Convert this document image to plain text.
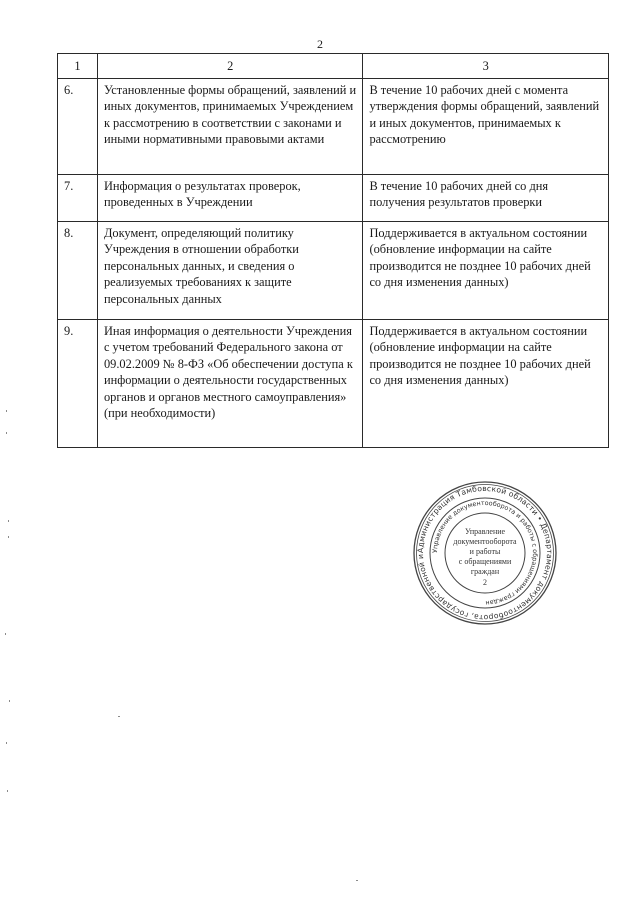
2
1	2	3
6.	Установленные формы обращений, заявлений и иных документов, принимаемых Учреждением к рассмотрению в соответствии с законами и иными нормативными правовыми актами	В течение 10 рабочих дней с момента утверждения формы обращений, заявлений и иных документов, принимаемых к рассмотрению
7.	Информация о результатах проверок, проведенных в Учреждении	В течение 10 рабочих дней со дня получения результатов проверки
8.	Документ, определяющий политику Учреждения в отношении обработки персональных данных, и сведения о реализуемых требованиях к защите персональных данных	Поддерживается в актуальном состоянии (обновление информации на сайте производится не позднее 10 рабочих дней со дня изменения данных)
9.	Иная информация о деятельности Учреждения с учетом требований Федерального закона от 09.02.2009 № 8-ФЗ «Об обеспечении доступа к информации о деятельности государственных органов и органов местного самоуправления» (при необходимости)	Поддерживается в актуальном состоянии (обновление информации на сайте производится не позднее 10 рабочих дней со дня изменения данных)
Администрация Тамбовской области • Департамент документооборота, государственной и
Управление документооборота и работы с обращениями граждан
Управление
документооборота
и работы
с обращениями
граждан
2
